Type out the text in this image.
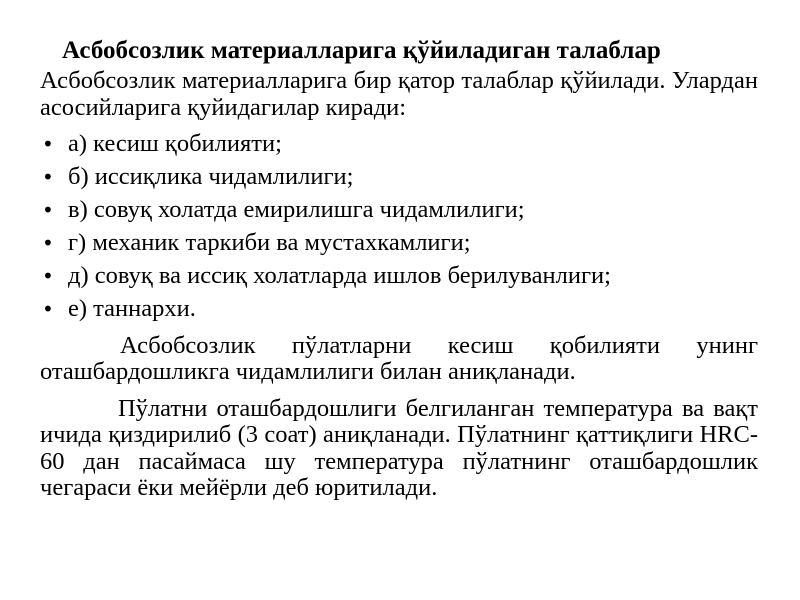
Асбобсозлик материалларига қўйиладиган талаблар

Асбобсозлик материалларига бир қатор талаблар қўйилади. Улардан асосийларига қуйидагилар киради:

• а) кесиш қобилияти;
• б) иссиқлика чидамлилиги;
• в) совуқ холатда емирилишга чидамлилиги;
• г) механик таркиби ва мустахкамлиги;
• д) совуқ ва иссиқ холатларда ишлов берилуванлиги;
• е) таннархи.

Асбобсозлик пўлатларни кесиш қобилияти унинг оташбардошликга чидамлилиги билан аниқланади.

Пўлатни оташбардошлиги белгиланган температура ва вақт ичида қиздирилиб (3 соат) аниқланади. Пўлатнинг қаттиқлиги HRC-60 дан пасаймаса шу температура пўлатнинг оташбардошлик чегараси ёки мейёрли деб юритилади.
